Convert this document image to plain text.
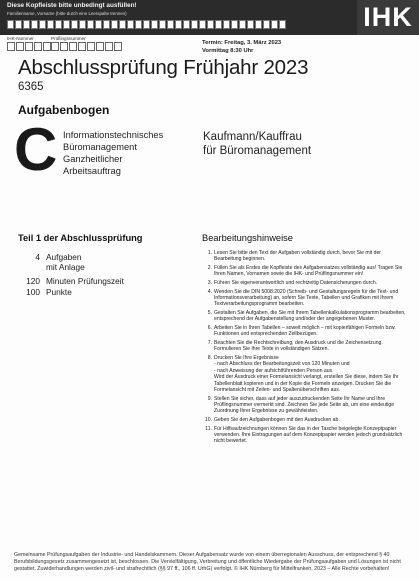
Diese Kopfleiste bitte unbedingt ausfüllen!
Familienname, Vorname (bitte durch eine Leerspalte trennen)	IHK
IHK-Nummer	Prüflingsnummer
Termin: Freitag, 3. März 2023
Vormittag 8:30 Uhr
Abschlussprüfung Frühjahr 2023
6365
Aufgabenbogen
C Informationstechnisches
Büromanagement
Ganzheitlicher
Arbeitsauftrag
Kaufmann/Kauffrau
für Büromanagement
Teil 1 der Abschlussprüfung
4 Aufgaben
mit Anlage
120 Minuten Prüfungszeit
100 Punkte
Bearbeitungshinweise
1. Lesen Sie bitte den Text der Aufgaben vollständig durch, bevor Sie mit der Bearbeitung beginnen.
2. Füllen Sie als Erstes die Kopfleiste des Aufgabensatzes vollständig aus! Tragen Sie Ihren Namen, Vornamen sowie die IHK- und Prüflingsnummer ein!
3. Führen Sie eigenverantwortlich und rechtzeitig Datensicherungen durch.
4. Wenden Sie die DIN 5008:2020 (Schreib- und Gestaltungsregeln für die Text- und Informationsverarbeitung) an, sofern Sie Texte, Tabellen und Grafiken mit Ihrem Textverarbeitungsprogramm bearbeiten.
5. Gestalten Sie Aufgaben, die Sie mit Ihrem Tabellenkalkulationsprogramm bearbeiten, entsprechend der Aufgabenstellung und/oder der angegebenen Muster.
6. Arbeiten Sie in Ihren Tabellen – soweit möglich – mit kopierfähigen Formeln bzw. Funktionen und entsprechenden Zellbezügen.
7. Beachten Sie die Rechtschreibung, den Ausdruck und die Zeichensetzung. Formulieren Sie Ihre Texte in vollständigen Sätzen.
8. Drucken Sie Ihre Ergebnisse
- nach Abschluss der Bearbeitungszeit von 120 Minuten und
- nach Anweisung der aufsichtführenden Person aus.
Wird der Ausdruck einer Formelansicht verlangt, erstellen Sie diese, indem Sie Ihr Tabellenblatt kopieren und in der Kopie die Formeln anzeigen. Drucken Sie die Formelansicht mit Zeilen- und Spaltenüberschriften aus.
9. Stellen Sie sicher, dass auf jeder auszudruckenden Seite Ihr Name und Ihre Prüflingsnummer vermerkt sind. Zeichnen Sie jede Seite ab, um eine eindeutige Zuordnung Ihrer Ergebnisse zu gewährleisten.
10. Geben Sie den Aufgabenbogen mit den Ausdrucken ab.
11. Für Hilfsaufzeichnungen können Sie das in der Tasche beigelegte Konzeptpapier verwenden. Ihre Eintragungen auf dem Konzeptpapier werden jedoch grundsätzlich nicht bewertet.
Gemeinsame Prüfungsaufgaben der Industrie- und Handelskammern. Dieser Aufgabensatz wurde von einem überregionalen Ausschuss, der entsprechend § 40 Berufsbildungsgesetz zusammengesetzt ist, beschlossen. Die Vervielfältigung, Verbreitung und öffentliche Wiedergabe der Prüfungsaufgaben und Lösungen ist nicht gestattet. Zuwiderhandlungen werden zivil- und strafrechtlich (§§ 97 ff., 106 ff. UrhG) verfolgt. © IHK Nürnberg für Mittelfranken, 2023 – Alle Rechte vorbehalten!
